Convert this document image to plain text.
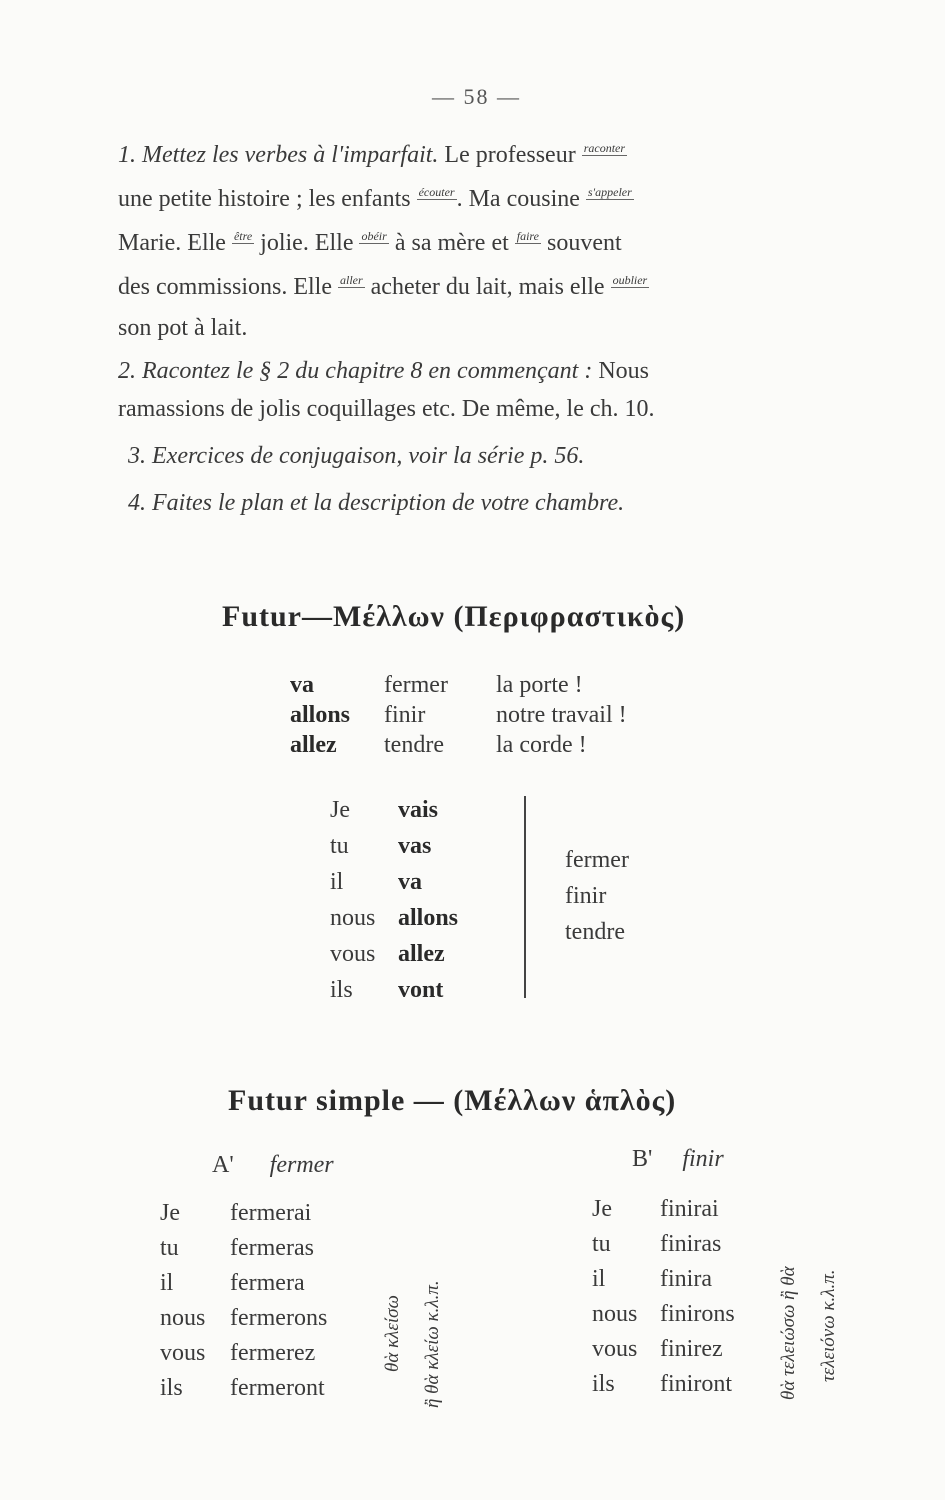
— 58 —
1. Mettez les verbes à l'imparfait. Le professeur $^{raconter}$
une petite histoire ; les enfants $^{écouter}$. Ma cousine $^{s'appeler}$
Marie. Elle $^{être}$ jolie. Elle $^{obéir}$ à sa mère et $^{faire}$ souvent
des commissions. Elle $^{aller}$ acheter du lait, mais elle $^{oublier}$
son pot à lait.
2. Racontez le § 2 du chapitre 8 en commençant : Nous
ramassions de jolis coquillages etc. De même, le ch. 10.
3. Exercices de conjugaison, voir la série p. 56.
4. Faites le plan et la description de votre chambre.
Futur—Μέλλων (Περιφραστικὸς)
va
allons
allez
fermer
finir
tendre
la porte !
notre travail !
la corde !
Je
tu
il
nous
vous
ils
vais
vas
va
allons
allez
vont
fermer
finir
tendre
Futur simple — (Μέλλων ἁπλὸς)
A' fermer
Je
tu
il
nous
vous
ils
fermerai
fermeras
fermera
fermerons
fermerez
fermeront
θὰ κλείσω ἢ θὰ κλείω κ.λ.π.
B' finir
Je
tu
il
nous
vous
ils
finirai
finiras
finira
finirons
finirez
finiront θὰ τελειώσω ἢ θὰ τελειόνω κ.λ.π.
